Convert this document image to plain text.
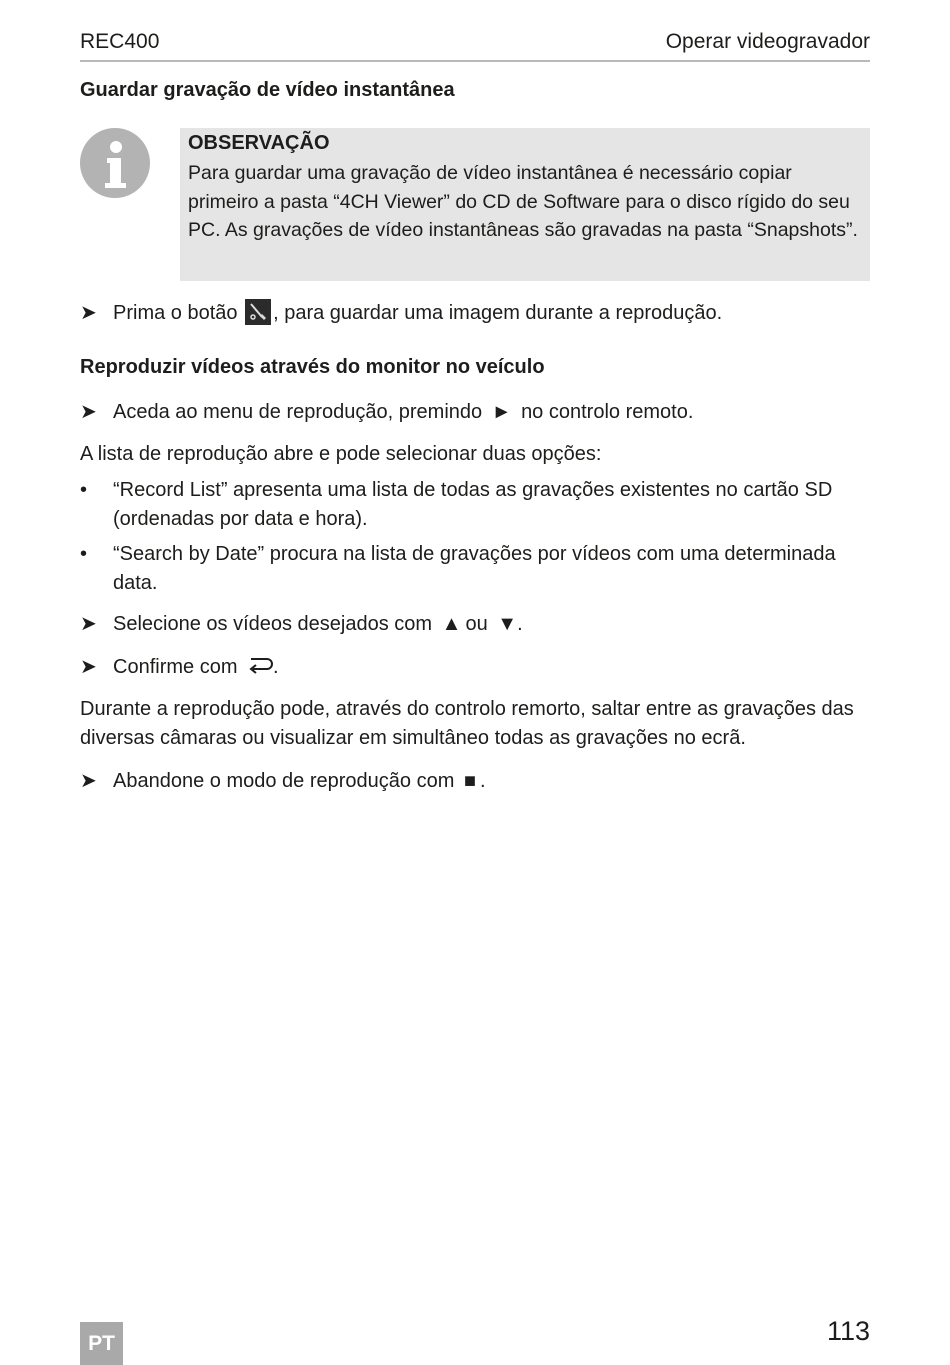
REC400	Operar videogravador
Guardar gravação de vídeo instantânea
OBSERVAÇÃO
Para guardar uma gravação de vídeo instantânea é necessário copiar primeiro a pasta “4CH Viewer” do CD de Software para o disco rígido do seu PC. As gravações de vídeo instantâneas são gravadas na pasta “Snapshots”.
➤ Prima o botão , para guardar uma imagem durante a reprodução.
Reproduzir vídeos através do monitor no veículo
➤ Aceda ao menu de reprodução, premindo ► no controlo remoto.
A lista de reprodução abre e pode selecionar duas opções:
• “Record List” apresenta uma lista de todas as gravações existentes no cartão SD (ordenadas por data e hora).
• “Search by Date” procura na lista de gravações por vídeos com uma determinada data.
➤ Selecione os vídeos desejados com ▲ ou ▼.
➤ Confirme com .
Durante a reprodução pode, através do controlo remorto, saltar entre as gravações das diversas câmaras ou visualizar em simultâneo todas as gravações no ecrã.
➤ Abandone o modo de reprodução com ■ .
PT	113
